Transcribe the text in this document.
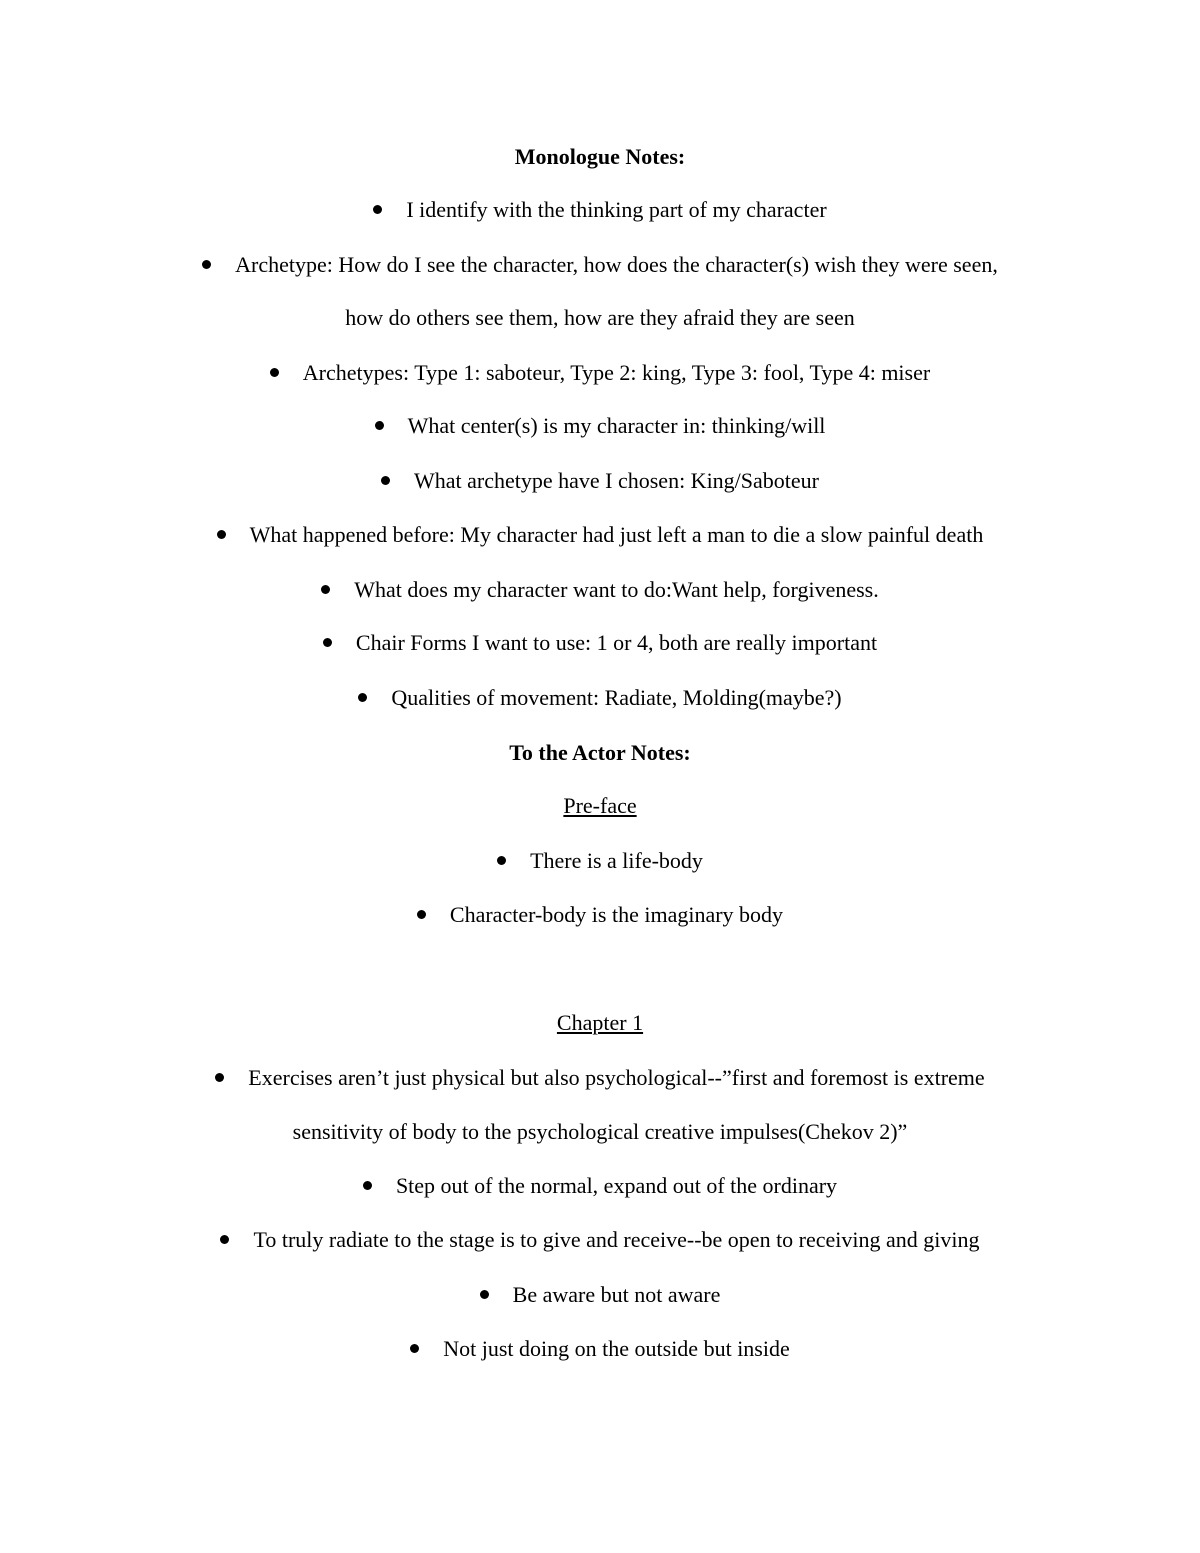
Monologue Notes:
I identify with the thinking part of my character
Archetype: How do I see the character, how does the character(s) wish they were seen,
how do others see them, how are they afraid they are seen
Archetypes: Type 1: saboteur, Type 2: king, Type 3: fool, Type 4: miser
What center(s) is my character in: thinking/will
What archetype have I chosen: King/Saboteur
What happened before: My character had just left a man to die a slow painful death
What does my character want to do:Want help, forgiveness.
Chair Forms I want to use: 1 or 4, both are really important
Qualities of movement: Radiate, Molding(maybe?)
To the Actor Notes:
Pre-face
There is a life-body
Character-body is the imaginary body
Chapter 1
Exercises aren’t just physical but also psychological--”first and foremost is extreme
sensitivity of body to the psychological creative impulses(Chekov 2)”
Step out of the normal, expand out of the ordinary
To truly radiate to the stage is to give and receive--be open to receiving and giving
Be aware but not aware
Not just doing on the outside but inside
